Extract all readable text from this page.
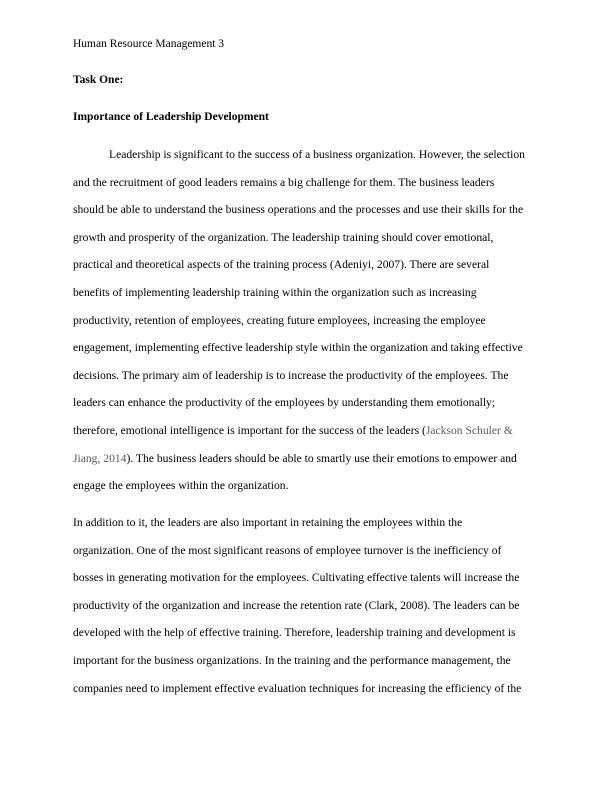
Human Resource Management 3
Task One:
Importance of Leadership Development
Leadership is significant to the success of a business organization. However, the selection
and the recruitment of good leaders remains a big challenge for them. The business leaders
should be able to understand the business operations and the processes and use their skills for the
growth and prosperity of the organization. The leadership training should cover emotional,
practical and theoretical aspects of the training process (Adeniyi, 2007). There are several
benefits of implementing leadership training within the organization such as increasing
productivity, retention of employees, creating future employees, increasing the employee
engagement, implementing effective leadership style within the organization and taking effective
decisions. The primary aim of leadership is to increase the productivity of the employees. The
leaders can enhance the productivity of the employees by understanding them emotionally;
therefore, emotional intelligence is important for the success of the leaders (Jackson Schuler &
Jiang, 2014). The business leaders should be able to smartly use their emotions to empower and
engage the employees within the organization.
In addition to it, the leaders are also important in retaining the employees within the
organization. One of the most significant reasons of employee turnover is the inefficiency of
bosses in generating motivation for the employees. Cultivating effective talents will increase the
productivity of the organization and increase the retention rate (Clark, 2008). The leaders can be
developed with the help of effective training. Therefore, leadership training and development is
important for the business organizations. In the training and the performance management, the
companies need to implement effective evaluation techniques for increasing the efficiency of the
